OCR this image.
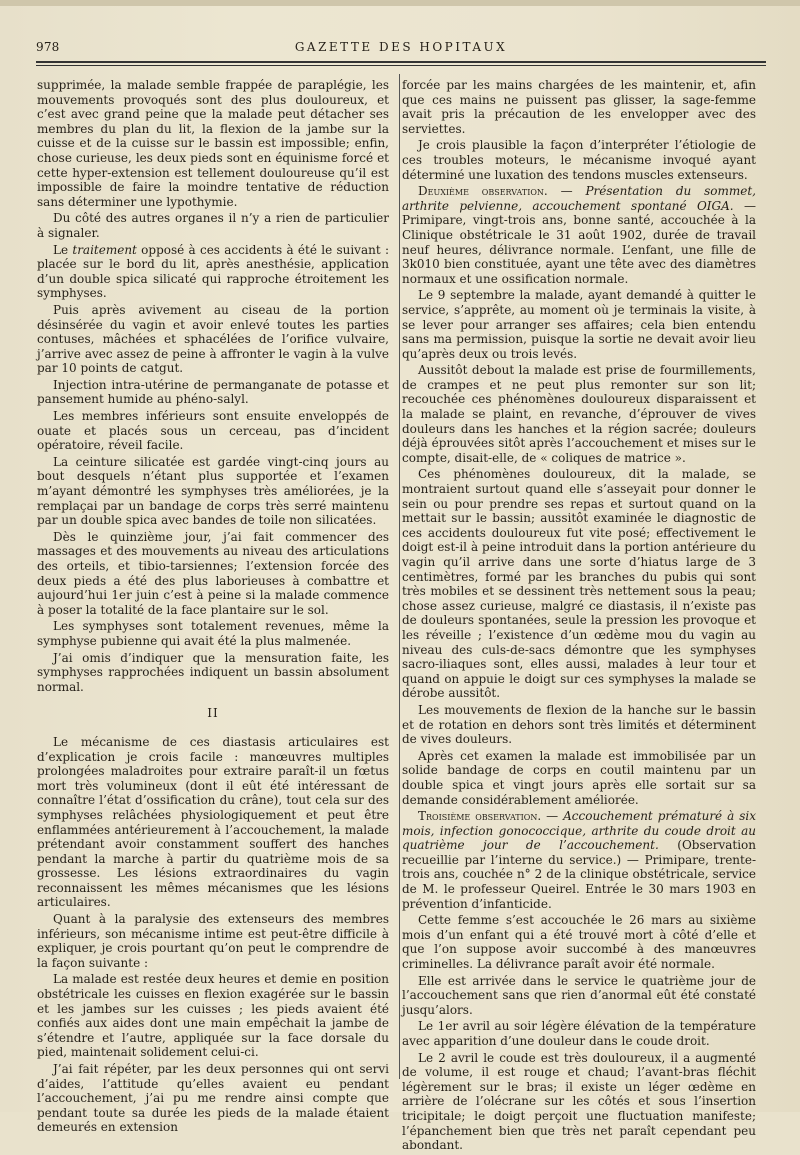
978	GAZETTE DES HOPITAUX

supprimée, la malade semble frappée de paraplégie, les mouvements provoqués sont des plus douloureux, et c’est avec grand peine que la malade peut détacher ses membres du plan du lit, la flexion de la jambe sur la cuisse et de la cuisse sur le bassin est impossible; enfin, chose curieuse, les deux pieds sont en équinisme forcé et cette hyper-extension est tellement douloureuse qu’il est impossible de faire la moindre tentative de réduction sans déterminer une lypothymie.

Du côté des autres organes il n’y a rien de particulier à signaler.

Le traitement opposé à ces accidents à été le suivant : placée sur le bord du lit, après anesthésie, application d’un double spica silicaté qui rapproche étroitement les symphyses.

Puis après avivement au ciseau de la portion désinsérée du vagin et avoir enlevé toutes les parties contuses, mâchées et sphacélées de l’orifice vulvaire, j’arrive avec assez de peine à affronter le vagin à la vulve par 10 points de catgut.

Injection intra-utérine de permanganate de potasse et pansement humide au phéno-salyl.

Les membres inférieurs sont ensuite enveloppés de ouate et placés sous un cerceau, pas d’incident opératoire, réveil facile.

La ceinture silicatée est gardée vingt-cinq jours au bout desquels n’étant plus supportée et l’examen m’ayant démontré les symphyses très améliorées, je la remplaçai par un bandage de corps très serré maintenu par un double spica avec bandes de toile non silicatées.

Dès le quinzième jour, j’ai fait commencer des massages et des mouvements au niveau des articulations des orteils, et tibio-tarsiennes; l’extension forcée des deux pieds a été des plus laborieuses à combattre et aujourd’hui 1er juin c’est à peine si la malade commence à poser la totalité de la face plantaire sur le sol.

Les symphyses sont totalement revenues, même la symphyse pubienne qui avait été la plus malmenée.

J’ai omis d’indiquer que la mensuration faite, les symphyses rapprochées indiquent un bassin absolument normal.

II

Le mécanisme de ces diastasis articulaires est d’explication je crois facile : manœuvres multiples prolongées maladroites pour extraire paraît-il un fœtus mort très volumineux (dont il eût été intéressant de connaître l’état d’ossification du crâne), tout cela sur des symphyses relâchées physiologiquement et peut être enflammées antérieurement à l’accouchement, la malade prétendant avoir constamment souffert des hanches pendant la marche à partir du quatrième mois de sa grossesse. Les lésions extraordinaires du vagin reconnaissent les mêmes mécanismes que les lésions articulaires.

Quant à la paralysie des extenseurs des membres inférieurs, son mécanisme intime est peut-être difficile à expliquer, je crois pourtant qu’on peut le comprendre de la façon suivante :

La malade est restée deux heures et demie en position obstétricale les cuisses en flexion exagérée sur le bassin et les jambes sur les cuisses ; les pieds avaient été confiés aux aides dont une main empêchait la jambe de s’étendre et l’autre, appliquée sur la face dorsale du pied, maintenait solidement celui-ci.

J’ai fait répéter, par les deux personnes qui ont servi d’aides, l’attitude qu’elles avaient eu pendant l’accouchement, j’ai pu me rendre ainsi compte que pendant toute sa durée les pieds de la malade étaient demeurés en extension

forcée par les mains chargées de les maintenir, et, afin que ces mains ne puissent pas glisser, la sage-femme avait pris la précaution de les envelopper avec des serviettes.

Je crois plausible la façon d’interpréter l’étiologie de ces troubles moteurs, le mécanisme invoqué ayant déterminé une luxation des tendons muscles extenseurs.

Deuxième observation. — Présentation du sommet, arthrite pelvienne, accouchement spontané OIGA. — Primipare, vingt-trois ans, bonne santé, accouchée à la Clinique obstétricale le 31 août 1902, durée de travail neuf heures, délivrance normale. L’enfant, une fille de 3k010 bien constituée, ayant une tête avec des diamètres normaux et une ossification normale.

Le 9 septembre la malade, ayant demandé à quitter le service, s’apprête, au moment où je terminais la visite, à se lever pour arranger ses affaires; cela bien entendu sans ma permission, puisque la sortie ne devait avoir lieu qu’après deux ou trois levés.

Aussitôt debout la malade est prise de fourmillements, de crampes et ne peut plus remonter sur son lit; recouchée ces phénomènes douloureux disparaissent et la malade se plaint, en revanche, d’éprouver de vives douleurs dans les hanches et la région sacrée; douleurs déjà éprouvées sitôt après l’accouchement et mises sur le compte, disait-elle, de « coliques de matrice ».

Ces phénomènes douloureux, dit la malade, se montraient surtout quand elle s’asseyait pour donner le sein ou pour prendre ses repas et surtout quand on la mettait sur le bassin; aussitôt examinée le diagnostic de ces accidents douloureux fut vite posé; effectivement le doigt est-il à peine introduit dans la portion antérieure du vagin qu’il arrive dans une sorte d’hiatus large de 3 centimètres, formé par les branches du pubis qui sont très mobiles et se dessinent très nettement sous la peau; chose assez curieuse, malgré ce diastasis, il n’existe pas de douleurs spontanées, seule la pression les provoque et les réveille ; l’existence d’un œdème mou du vagin au niveau des culs-de-sacs démontre que les symphyses sacro-iliaques sont, elles aussi, malades à leur tour et quand on appuie le doigt sur ces symphyses la malade se dérobe aussitôt.

Les mouvements de flexion de la hanche sur le bassin et de rotation en dehors sont très limités et déterminent de vives douleurs.

Après cet examen la malade est immobilisée par un solide bandage de corps en coutil maintenu par un double spica et vingt jours après elle sortait sur sa demande considérablement améliorée.

Troisième observation. — Accouchement prématuré à six mois, infection gonococcique, arthrite du coude droit au quatrième jour de l’accouchement. (Observation recueillie par l’interne du service.) — Primipare, trente-trois ans, couchée n° 2 de la clinique obstétricale, service de M. le professeur Queirel. Entrée le 30 mars 1903 en prévention d’infanticide.

Cette femme s’est accouchée le 26 mars au sixième mois d’un enfant qui a été trouvé mort à côté d’elle et que l’on suppose avoir succombé à des manœuvres criminelles. La délivrance paraît avoir été normale.

Elle est arrivée dans le service le quatrième jour de l’accouchement sans que rien d’anormal eût été constaté jusqu’alors.

Le 1er avril au soir légère élévation de la température avec apparition d’une douleur dans le coude droit.

Le 2 avril le coude est très douloureux, il a augmenté de volume, il est rouge et chaud; l’avant-bras fléchit légèrement sur le bras; il existe un léger œdème en arrière de l’olécrane sur les côtés et sous l’insertion tricipitale; le doigt perçoit une fluctuation manifeste; l’épanchement bien que très net paraît cependant peu abondant.
